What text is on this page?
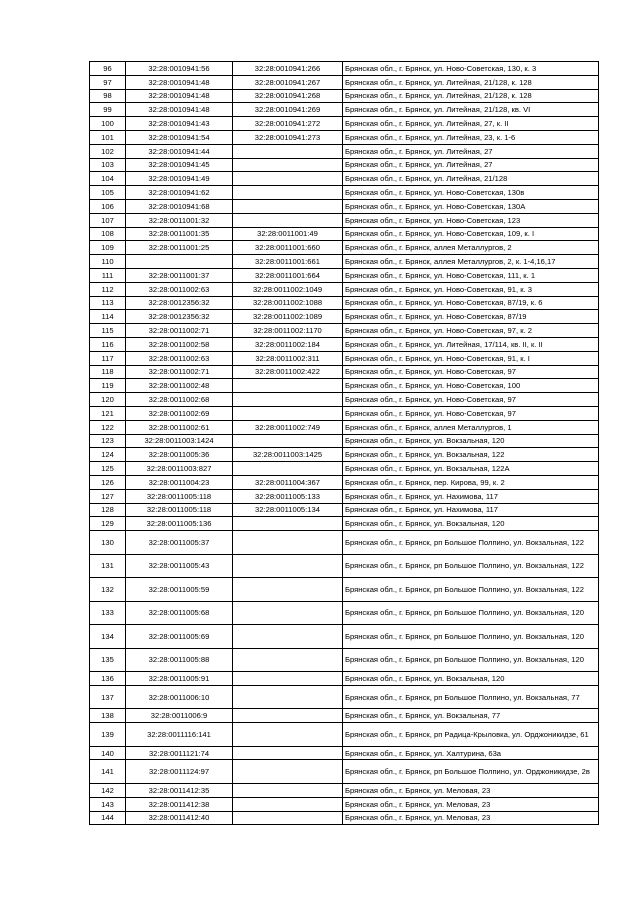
96	32:28:0010941:56	32:28:0010941:266	Брянская обл., г. Брянск, ул. Ново-Советская, 130, к. 3
97	32:28:0010941:48	32:28:0010941:267	Брянская обл., г. Брянск, ул. Литейная, 21/128, к. 128
98	32:28:0010941:48	32:28:0010941:268	Брянская обл., г. Брянск, ул. Литейная, 21/128, к. 128
99	32:28:0010941:48	32:28:0010941:269	Брянская обл., г. Брянск, ул. Литейная, 21/128, кв. VI
100	32:28:0010941:43	32:28:0010941:272	Брянская обл., г. Брянск, ул. Литейная, 27, к. II
101	32:28:0010941:54	32:28:0010941:273	Брянская обл., г. Брянск, ул. Литейная, 23, к. 1-6
102	32:28:0010941:44		Брянская обл., г. Брянск, ул. Литейная, 27
103	32:28:0010941:45		Брянская обл., г. Брянск, ул. Литейная, 27
104	32:28:0010941:49		Брянская обл., г. Брянск, ул. Литейная, 21/128
105	32:28:0010941:62		Брянская обл., г. Брянск, ул. Ново-Советская, 130в
106	32:28:0010941:68		Брянская обл., г. Брянск, ул. Ново-Советская, 130А
107	32:28:0011001:32		Брянская обл., г. Брянск, ул. Ново-Советская, 123
108	32:28:0011001:35	32:28:0011001:49	Брянская обл., г. Брянск, ул. Ново-Советская, 109, к. I
109	32:28:0011001:25	32:28:0011001:660	Брянская обл., г. Брянск, аллея Металлургов, 2
110		32:28:0011001:661	Брянская обл., г. Брянск, аллея Металлургов, 2, к. 1-4,16,17
111	32:28:0011001:37	32:28:0011001:664	Брянская обл., г. Брянск, ул. Ново-Советская, 111, к. 1
112	32:28:0011002:63	32:28:0011002:1049	Брянская обл., г. Брянск, ул. Ново-Советская, 91, к. 3
113	32:28:0012356:32	32:28:0011002:1088	Брянская обл., г. Брянск, ул. Ново-Советская, 87/19, к. 6
114	32:28:0012356:32	32:28:0011002:1089	Брянская обл., г. Брянск, ул. Ново-Советская, 87/19
115	32:28:0011002:71	32:28:0011002:1170	Брянская обл., г. Брянск, ул. Ново-Советская, 97, к. 2
116	32:28:0011002:58	32:28:0011002:184	Брянская обл., г. Брянск, ул. Литейная, 17/114, кв. II, к. II
117	32:28:0011002:63	32:28:0011002:311	Брянская обл., г. Брянск, ул. Ново-Советская, 91, к. I
118	32:28:0011002:71	32:28:0011002:422	Брянская обл., г. Брянск, ул. Ново-Советская, 97
119	32:28:0011002:48		Брянская обл., г. Брянск, ул. Ново-Советская, 100
120	32:28:0011002:68		Брянская обл., г. Брянск, ул. Ново-Советская, 97
121	32:28:0011002:69		Брянская обл., г. Брянск, ул. Ново-Советская, 97
122	32:28:0011002:61	32:28:0011002:749	Брянская обл., г. Брянск, аллея Металлургов, 1
123	32:28:0011003:1424		Брянская обл., г. Брянск, ул. Вокзальная, 120
124	32:28:0011005:36	32:28:0011003:1425	Брянская обл., г. Брянск, ул. Вокзальная, 122
125	32:28:0011003:827		Брянская обл., г. Брянск, ул. Вокзальная, 122А
126	32:28:0011004:23	32:28:0011004:367	Брянская обл., г. Брянск, пер. Кирова, 99, к. 2
127	32:28:0011005:118	32:28:0011005:133	Брянская обл., г. Брянск, ул. Нахимова, 117
128	32:28:0011005:118	32:28:0011005:134	Брянская обл., г. Брянск, ул. Нахимова, 117
129	32:28:0011005:136		Брянская обл., г. Брянск, ул. Вокзальная, 120
130	32:28:0011005:37		Брянская обл., г. Брянск, рп Большое Полпино, ул. Вокзальная, 122
131	32:28:0011005:43		Брянская обл., г. Брянск, рп Большое Полпино, ул. Вокзальная, 122
132	32:28:0011005:59		Брянская обл., г. Брянск, рп Большое Полпино, ул. Вокзальная, 122
133	32:28:0011005:68		Брянская обл., г. Брянск, рп Большое Полпино, ул. Вокзальная, 120
134	32:28:0011005:69		Брянская обл., г. Брянск, рп Большое Полпино, ул. Вокзальная, 120
135	32:28:0011005:88		Брянская обл., г. Брянск, рп Большое Полпино, ул. Вокзальная, 120
136	32:28:0011005:91		Брянская обл., г. Брянск, ул. Вокзальная, 120
137	32:28:0011006:10		Брянская обл., г. Брянск, рп Большое Полпино, ул. Вокзальная, 77
138	32:28:0011006:9		Брянская обл., г. Брянск, ул. Вокзальная, 77
139	32:28:0011116:141		Брянская обл., г. Брянск, рп Радица-Крыловка, ул. Орджоникидзе, 61
140	32:28:0011121:74		Брянская обл., г. Брянск, ул. Халтурина, 63а
141	32:28:0011124:97		Брянская обл., г. Брянск, рп Большое Полпино, ул. Орджоникидзе, 2в
142	32:28:0011412:35		Брянская обл., г. Брянск, ул. Меловая, 23
143	32:28:0011412:38		Брянская обл., г. Брянск, ул. Меловая, 23
144	32:28:0011412:40		Брянская обл., г. Брянск, ул. Меловая, 23
